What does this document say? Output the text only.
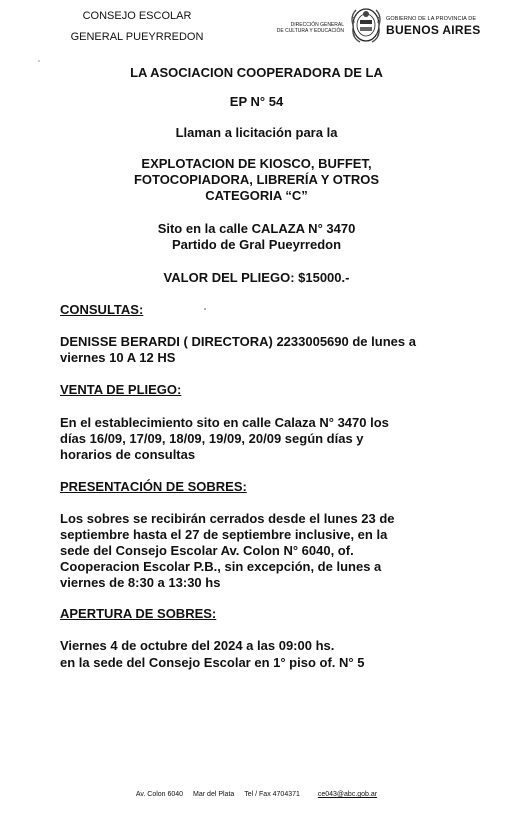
CONSEJO ESCOLAR
GENERAL PUEYRREDON
DIRECCIÓN GENERAL
DE CULTURA Y EDUCACIÓN
GOBIERNO DE LA PROVINCIA DE
BUENOS AIRES
LA ASOCIACION COOPERADORA DE LA
EP N° 54
Llaman a licitación para la
EXPLOTACION DE KIOSCO, BUFFET,
FOTOCOPIADORA, LIBRERÍA Y OTROS
CATEGORIA “C”
Sito en la calle CALAZA N° 3470
Partido de Gral Pueyrredon
VALOR DEL PLIEGO: $15000.-
CONSULTAS:
DENISSE BERARDI ( DIRECTORA) 2233005690 de lunes a
viernes 10 A 12 HS
VENTA DE PLIEGO:
En el establecimiento sito en calle Calaza N° 3470 los
días 16/09, 17/09, 18/09, 19/09, 20/09 según días y
horarios de consultas
PRESENTACIÓN DE SOBRES:
Los sobres se recibirán cerrados desde el lunes 23 de
septiembre hasta el 27 de septiembre inclusive, en la
sede del Consejo Escolar Av. Colon N° 6040, of.
Cooperacion Escolar P.B., sin excepción, de lunes a
viernes de 8:30 a 13:30 hs
APERTURA DE SOBRES:
Viernes 4 de octubre del 2024 a las 09:00 hs.
en la sede del Consejo Escolar en 1° piso of. N° 5
Av. Colon 6040 Mar del Plata Tel / Fax 4704371	ce043@abc.gob.ar
